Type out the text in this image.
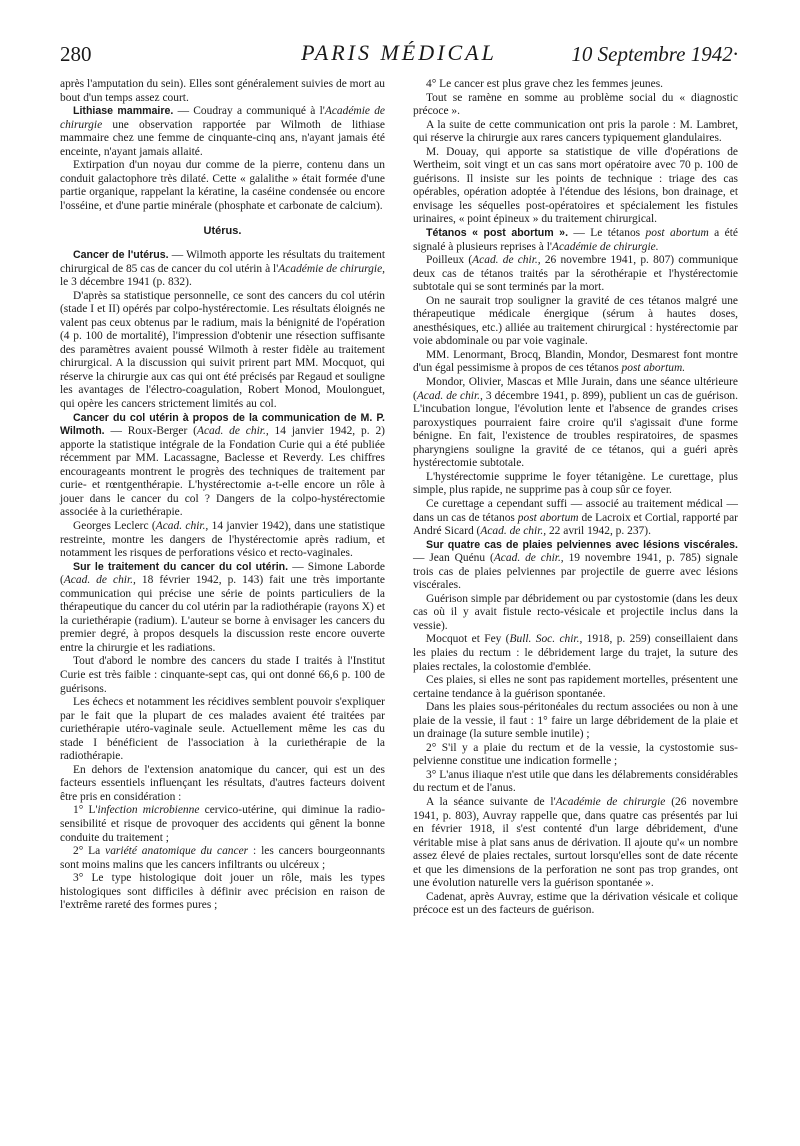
280	PARIS MÉDICAL	10 Septembre 1942·

après l'amputation du sein). Elles sont généralement suivies de mort au bout d'un temps assez court.

Lithiase mammaire. — Coudray a communiqué à l'Académie de chirurgie une observation rapportée par Wilmoth de lithiase mammaire chez une femme de cinquante-cinq ans, n'ayant jamais été enceinte, n'ayant jamais allaité.

Extirpation d'un noyau dur comme de la pierre, contenu dans un conduit galactophore très dilaté. Cette « galalithe » était formée d'une partie organique, rappelant la kératine, la caséine condensée ou encore l'osséine, et d'une partie minérale (phosphate et carbonate de calcium).

Utérus.

Cancer de l'utérus. — Wilmoth apporte les résultats du traitement chirurgical de 85 cas de cancer du col utérin à l'Académie de chirurgie, le 3 décembre 1941 (p. 832).

D'après sa statistique personnelle, ce sont des cancers du col utérin (stade I et II) opérés par colpo-hystérectomie. Les résultats éloignés ne valent pas ceux obtenus par le radium, mais la bénignité de l'opération (4 p. 100 de mortalité), l'impression d'obtenir une résection suffisante des paramètres avaient poussé Wilmoth à rester fidèle au traitement chirurgical. A la discussion qui suivit prirent part MM. Mocquot, qui réserve la chirurgie aux cas qui ont été précisés par Regaud et souligne les avantages de l'électro-coagulation, Robert Monod, Moulonguet, qui opère les cancers strictement limités au col.

Cancer du col utérin à propos de la communication de M. P. Wilmoth. — Roux-Berger (Acad. de chir., 14 janvier 1942, p. 2) apporte la statistique intégrale de la Fondation Curie qui a été publiée récemment par MM. Lacassagne, Baclesse et Reverdy. Les chiffres encourageants montrent le progrès des techniques de traitement par curie- et rœntgenthérapie. L'hystérectomie a-t-elle encore un rôle à jouer dans le cancer du col ? Dangers de la colpo-hystérectomie associée à la curiethérapie.

Georges Leclerc (Acad. chir., 14 janvier 1942), dans une statistique restreinte, montre les dangers de l'hystérectomie après radium, et notamment les risques de perforations vésico et recto-vaginales.

Sur le traitement du cancer du col utérin. — Simone Laborde (Acad. de chir., 18 février 1942, p. 143) fait une très importante communication qui précise une série de points particuliers de la thérapeutique du cancer du col utérin par la radiothérapie (rayons X) et la curiethérapie (radium). L'auteur se borne à envisager les cancers du premier degré, à propos desquels la discussion reste encore ouverte entre la chirurgie et les radiations.

Tout d'abord le nombre des cancers du stade I traités à l'Institut Curie est très faible : cinquante-sept cas, qui ont donné 66,6 p. 100 de guérisons.

Les échecs et notamment les récidives semblent pouvoir s'expliquer par le fait que la plupart de ces malades avaient été traitées par curiethérapie utéro-vaginale seule. Actuellement même les cas du stade I bénéficient de l'association à la curiethérapie de la radiothérapie.

En dehors de l'extension anatomique du cancer, qui est un des facteurs essentiels influençant les résultats, d'autres facteurs doivent être pris en considération :

1° L'infection microbienne cervico-utérine, qui diminue la radio-sensibilité et risque de provoquer des accidents qui gênent la bonne conduite du traitement ;

2° La variété anatomique du cancer : les cancers bourgeonnants sont moins malins que les cancers infiltrants ou ulcéreux ;

3° Le type histologique doit jouer un rôle, mais les types histologiques sont difficiles à définir avec précision en raison de l'extrême rareté des formes pures ;

4° Le cancer est plus grave chez les femmes jeunes.

Tout se ramène en somme au problème social du « diagnostic précoce ».

A la suite de cette communication ont pris la parole : M. Lambret, qui réserve la chirurgie aux rares cancers typiquement glandulaires.

M. Douay, qui apporte sa statistique de ville d'opérations de Wertheim, soit vingt et un cas sans mort opératoire avec 70 p. 100 de guérisons. Il insiste sur les points de technique : triage des cas opérables, opération adoptée à l'étendue des lésions, bon drainage, et envisage les séquelles post-opératoires et spécialement les fistules urinaires, « point épineux » du traitement chirurgical.

Tétanos « post abortum ». — Le tétanos post abortum a été signalé à plusieurs reprises à l'Académie de chirurgie.

Poilleux (Acad. de chir., 26 novembre 1941, p. 807) communique deux cas de tétanos traités par la sérothérapie et l'hystérectomie subtotale qui se sont terminés par la mort.

On ne saurait trop souligner la gravité de ces tétanos malgré une thérapeutique médicale énergique (sérum à hautes doses, anesthésiques, etc.) alliée au traitement chirurgical : hystérectomie par voie abdominale ou par voie vaginale.

MM. Lenormant, Brocq, Blandin, Mondor, Desmarest font montre d'un égal pessimisme à propos de ces tétanos post abortum.

Mondor, Olivier, Mascas et Mlle Jurain, dans une séance ultérieure (Acad. de chir., 3 décembre 1941, p. 899), publient un cas de guérison. L'incubation longue, l'évolution lente et l'absence de grandes crises paroxystiques pourraient faire croire qu'il s'agissait d'une forme bénigne. En fait, l'existence de troubles respiratoires, de spasmes pharyngiens souligne la gravité de ce tétanos, qui a guéri après hystérectomie subtotale.

L'hystérectomie supprime le foyer tétanigène. Le curettage, plus simple, plus rapide, ne supprime pas à coup sûr ce foyer.

Ce curettage a cependant suffi — associé au traitement médical — dans un cas de tétanos post abortum de Lacroix et Cortial, rapporté par André Sicard (Acad. de chir., 22 avril 1942, p. 237).

Sur quatre cas de plaies pelviennes avec lésions viscérales. — Jean Quénu (Acad. de chir., 19 novembre 1941, p. 785) signale trois cas de plaies pelviennes par projectile de guerre avec lésions viscérales.

Guérison simple par débridement ou par cystostomie (dans les deux cas où il y avait fistule recto-vésicale et projectile inclus dans la vessie).

Mocquot et Fey (Bull. Soc. chir., 1918, p. 259) conseillaient dans les plaies du rectum : le débridement large du trajet, la suture des plaies rectales, la colostomie d'emblée.

Ces plaies, si elles ne sont pas rapidement mortelles, présentent une certaine tendance à la guérison spontanée.

Dans les plaies sous-péritonéales du rectum associées ou non à une plaie de la vessie, il faut : 1° faire un large débridement de la plaie et un drainage (la suture semble inutile) ;

2° S'il y a plaie du rectum et de la vessie, la cystostomie sus-pelvienne constitue une indication formelle ;

3° L'anus iliaque n'est utile que dans les délabrements considérables du rectum et de l'anus.

A la séance suivante de l'Académie de chirurgie (26 novembre 1941, p. 803), Auvray rappelle que, dans quatre cas présentés par lui en février 1918, il s'est contenté d'un large débridement, d'une véritable mise à plat sans anus de dérivation. Il ajoute qu'« un nombre assez élevé de plaies rectales, surtout lorsqu'elles sont de date récente et que les dimensions de la perforation ne sont pas trop grandes, ont une évolution naturelle vers la guérison spontanée ».

Cadenat, après Auvray, estime que la dérivation vésicale et colique précoce est un des facteurs de guérison.
